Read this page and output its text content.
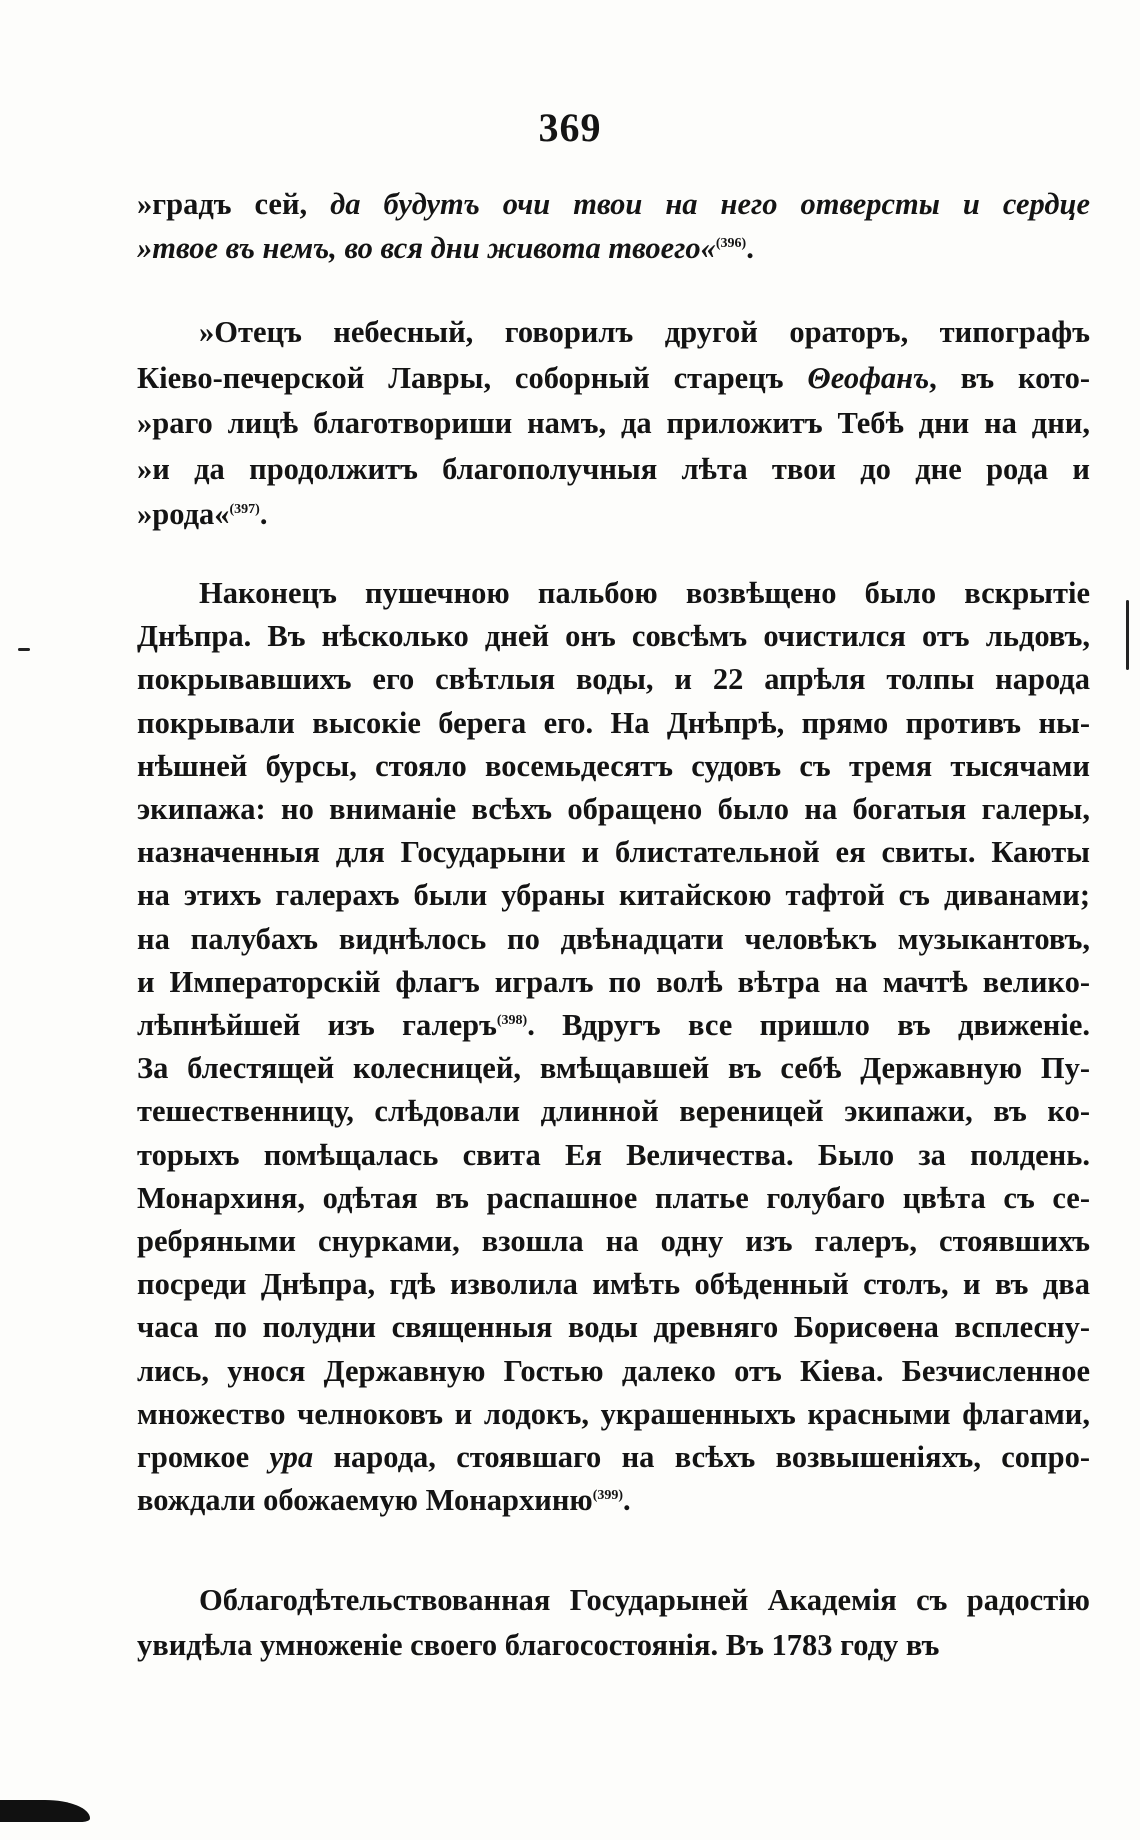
369
»градъ сей, да будутъ очи твои на него отверсты и сердце
»твое въ немъ, во вся дни живота твоего«$^{(396)}$.
»Отецъ небесный, говорилъ другой ораторъ, типографъ
Кіево-печерской Лавры, соборный старецъ Θеофанъ, въ кото-
»раго лицѣ благотвориши намъ, да приложитъ Тебѣ дни на дни,
»и да продолжитъ благополучныя лѣта твои до дне рода и
»рода«$^{(397)}$.
Наконецъ пушечною пальбою возвѣщено было вскрытіе
Днѣпра. Въ нѣсколько дней онъ совсѣмъ очистился отъ льдовъ,
покрывавшихъ его свѣтлыя воды, и 22 апрѣля толпы народа
покрывали высокіе берега его. На Днѣпрѣ, прямо противъ ны-
нѣшней бурсы, стояло восемьдесятъ судовъ съ тремя тысячами
экипажа: но вниманіе всѣхъ обращено было на богатыя галеры,
назначенныя для Государыни и блистательной ея свиты. Каюты
на этихъ галерахъ были убраны китайскою тафтой съ диванами;
на палубахъ виднѣлось по двѣнадцати человѣкъ музыкантовъ,
и Императорскій флагъ игралъ по волѣ вѣтра на мачтѣ велико-
лѣпнѣйшей изъ галеръ$^{(398)}$. Вдругъ все пришло въ движеніе.
За блестящей колесницей, вмѣщавшей въ себѣ Державную Пу-
тешественницу, слѣдовали длинной вереницей экипажи, въ ко-
торыхъ помѣщалась свита Ея Величества. Было за полдень.
Монархиня, одѣтая въ распашное платье голубаго цвѣта съ се-
ребряными снурками, взошла на одну изъ галеръ, стоявшихъ
посреди Днѣпра, гдѣ изволила имѣть обѣденный столъ, и въ два
часа по полудни священныя воды древняго Борисѳена всплеснy-
лись, унося Державную Гостью далеко отъ Кіева. Безчисленное
множество челноковъ и лодокъ, украшенныхъ красными флагами,
громкое ура народа, стоявшаго на всѣхъ возвышеніяхъ, сопро-
вождали обожаемую Монархиню$^{(399)}$.
Облагодѣтельствованная Государыней Академія съ радостію
увидѣла умноженіе своего благосостоянія. Въ 1783 году въ
